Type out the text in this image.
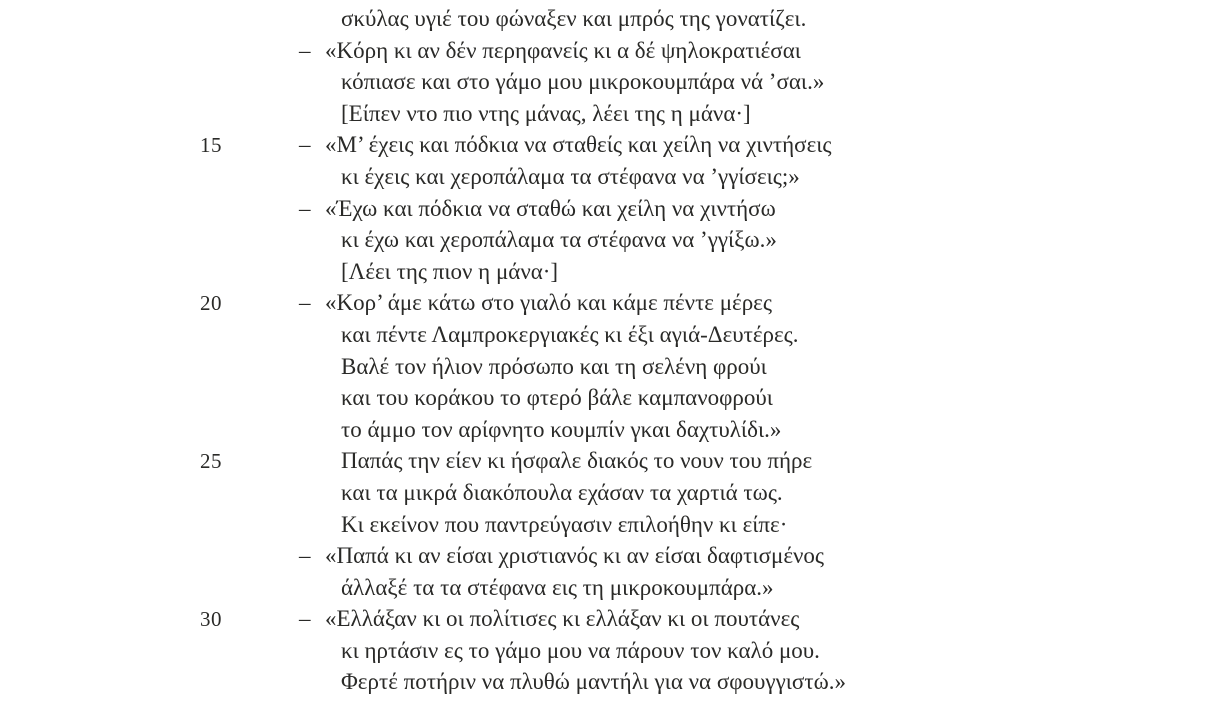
σκύλας υγιέ του φώναξεν και μπρός της γονατίζει.
– «Κόρη κι αν δέν περηφανείς κι α δέ ψηλοκρατιέσαι
κόπιασε και στο γάμο μου μικροκουμπάρα νά ’σαι.»
[Είπεν ντο πιο ντης μάνας, λέει της η μάνα·]
15	– «Μ’ έχεις και πόδκια να σταθείς και χείλη να χιντήσεις
κι έχεις και χεροπάλαμα τα στέφανα να ’γγίσεις;»
– «Έχω και πόδκια να σταθώ και χείλη να χιντήσω
κι έχω και χεροπάλαμα τα στέφανα να ’γγίξω.»
[Λέει της πιον η μάνα·]
20	– «Κορ’ άμε κάτω στο γιαλό και κάμε πέντε μέρες
και πέντε Λαμπροκεργιακές κι έξι αγιά-Δευτέρες.
Βαλέ τον ήλιον πρόσωπο και τη σελένη φρούι
και του κοράκου το φτερό βάλε καμπανοφρούι
το άμμο τον αρίφνητο κουμπίν γκαι δαχτυλίδι.»
25	Παπάς την είεν κι ήσφαλε διακός το νουν του πήρε
και τα μικρά διακόπουλα εχάσαν τα χαρτιά τως.
Κι εκείνον που παντρεύγασιν επιλοήθην κι είπε·
– «Παπά κι αν είσαι χριστιανός κι αν είσαι δαφτισμένος
άλλαξέ τα τα στέφανα εις τη μικροκουμπάρα.»
30	– «Ελλάξαν κι οι πολίτισες κι ελλάξαν κι οι πουτάνες
κι ηρτάσιν ες το γάμο μου να πάρουν τον καλό μου.
Φερτέ ποτήριν να πλυθώ μαντήλι για να σφουγγιστώ.»
